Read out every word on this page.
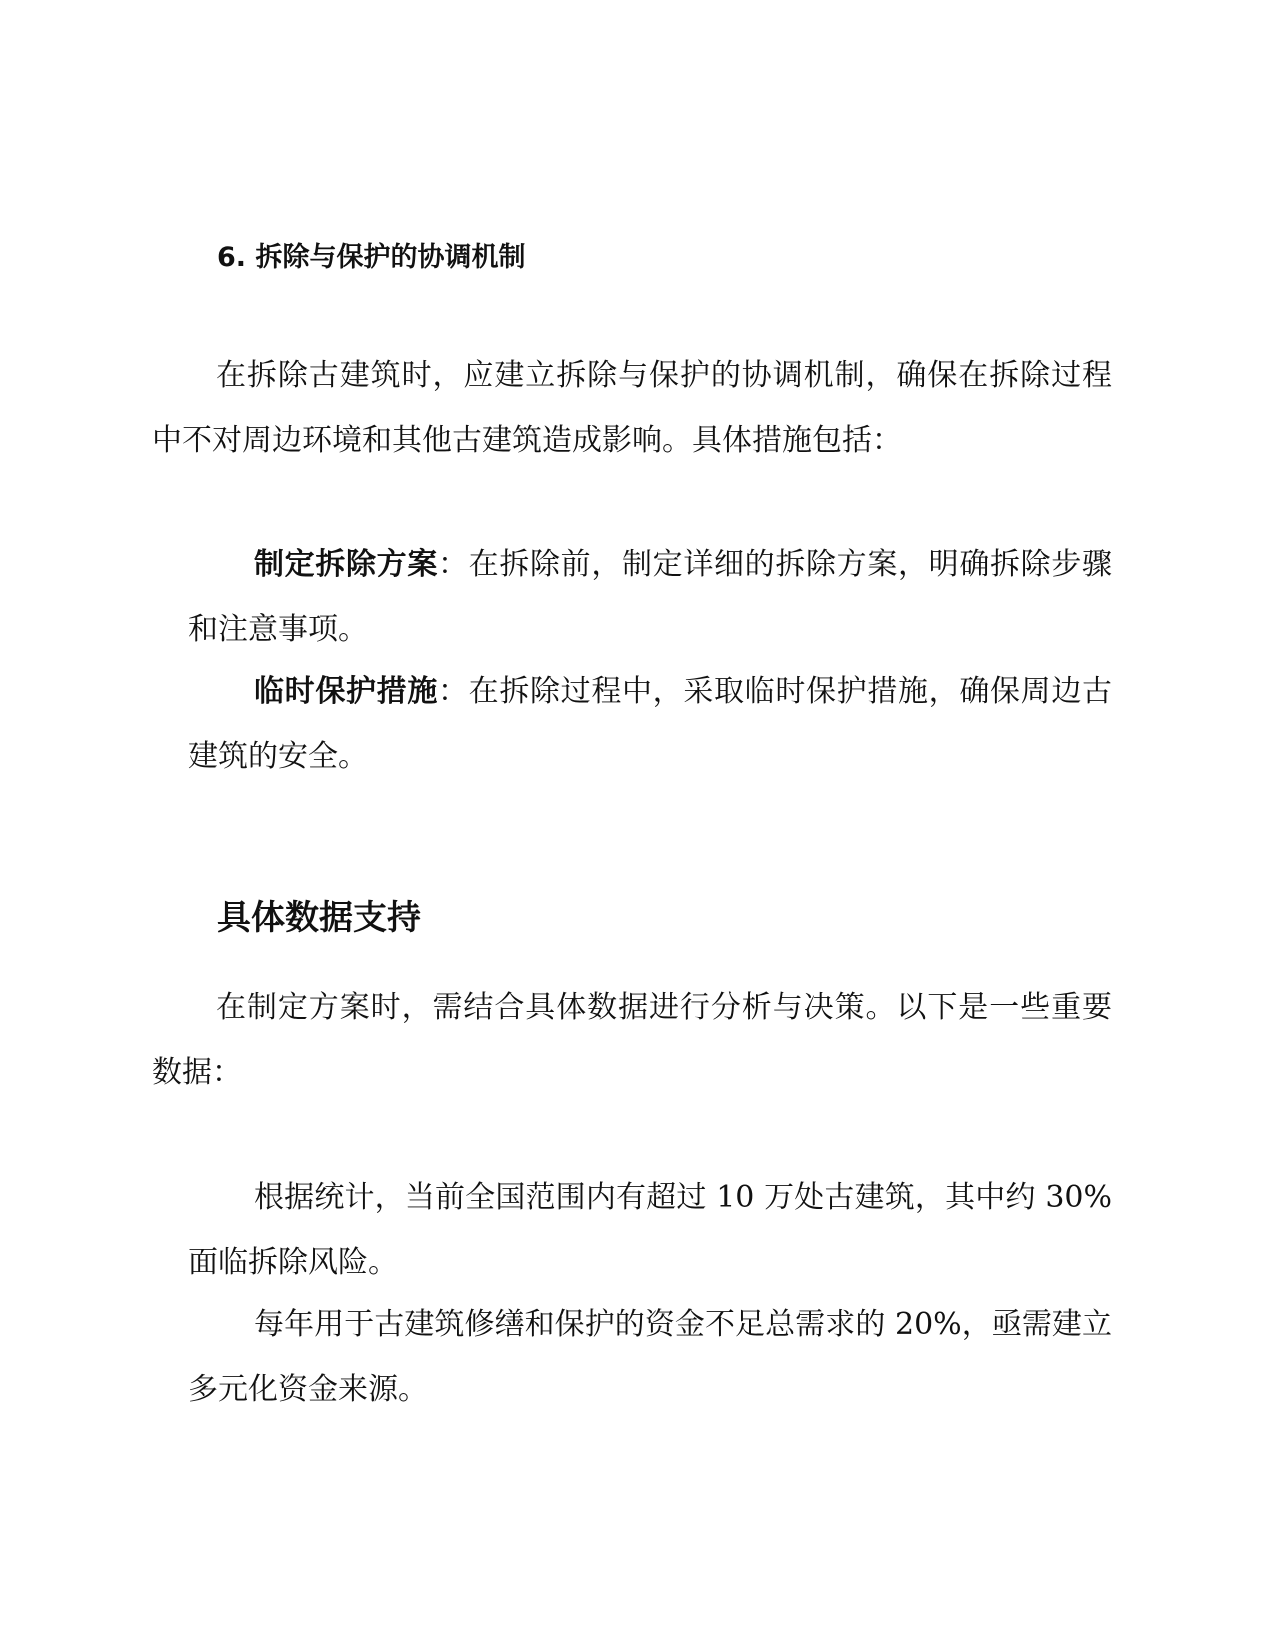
6. 拆除与保护的协调机制

在拆除古建筑时，应建立拆除与保护的协调机制，确保在拆除过程中不对周边环境和其他古建筑造成影响。具体措施包括：

制定拆除方案：在拆除前，制定详细的拆除方案，明确拆除步骤和注意事项。

临时保护措施：在拆除过程中，采取临时保护措施，确保周边古建筑的安全。

具体数据支持

在制定方案时，需结合具体数据进行分析与决策。以下是一些重要数据：

根据统计，当前全国范围内有超过 10 万处古建筑，其中约 30%面临拆除风险。

每年用于古建筑修缮和保护的资金不足总需求的 20%，亟需建立多元化资金来源。
